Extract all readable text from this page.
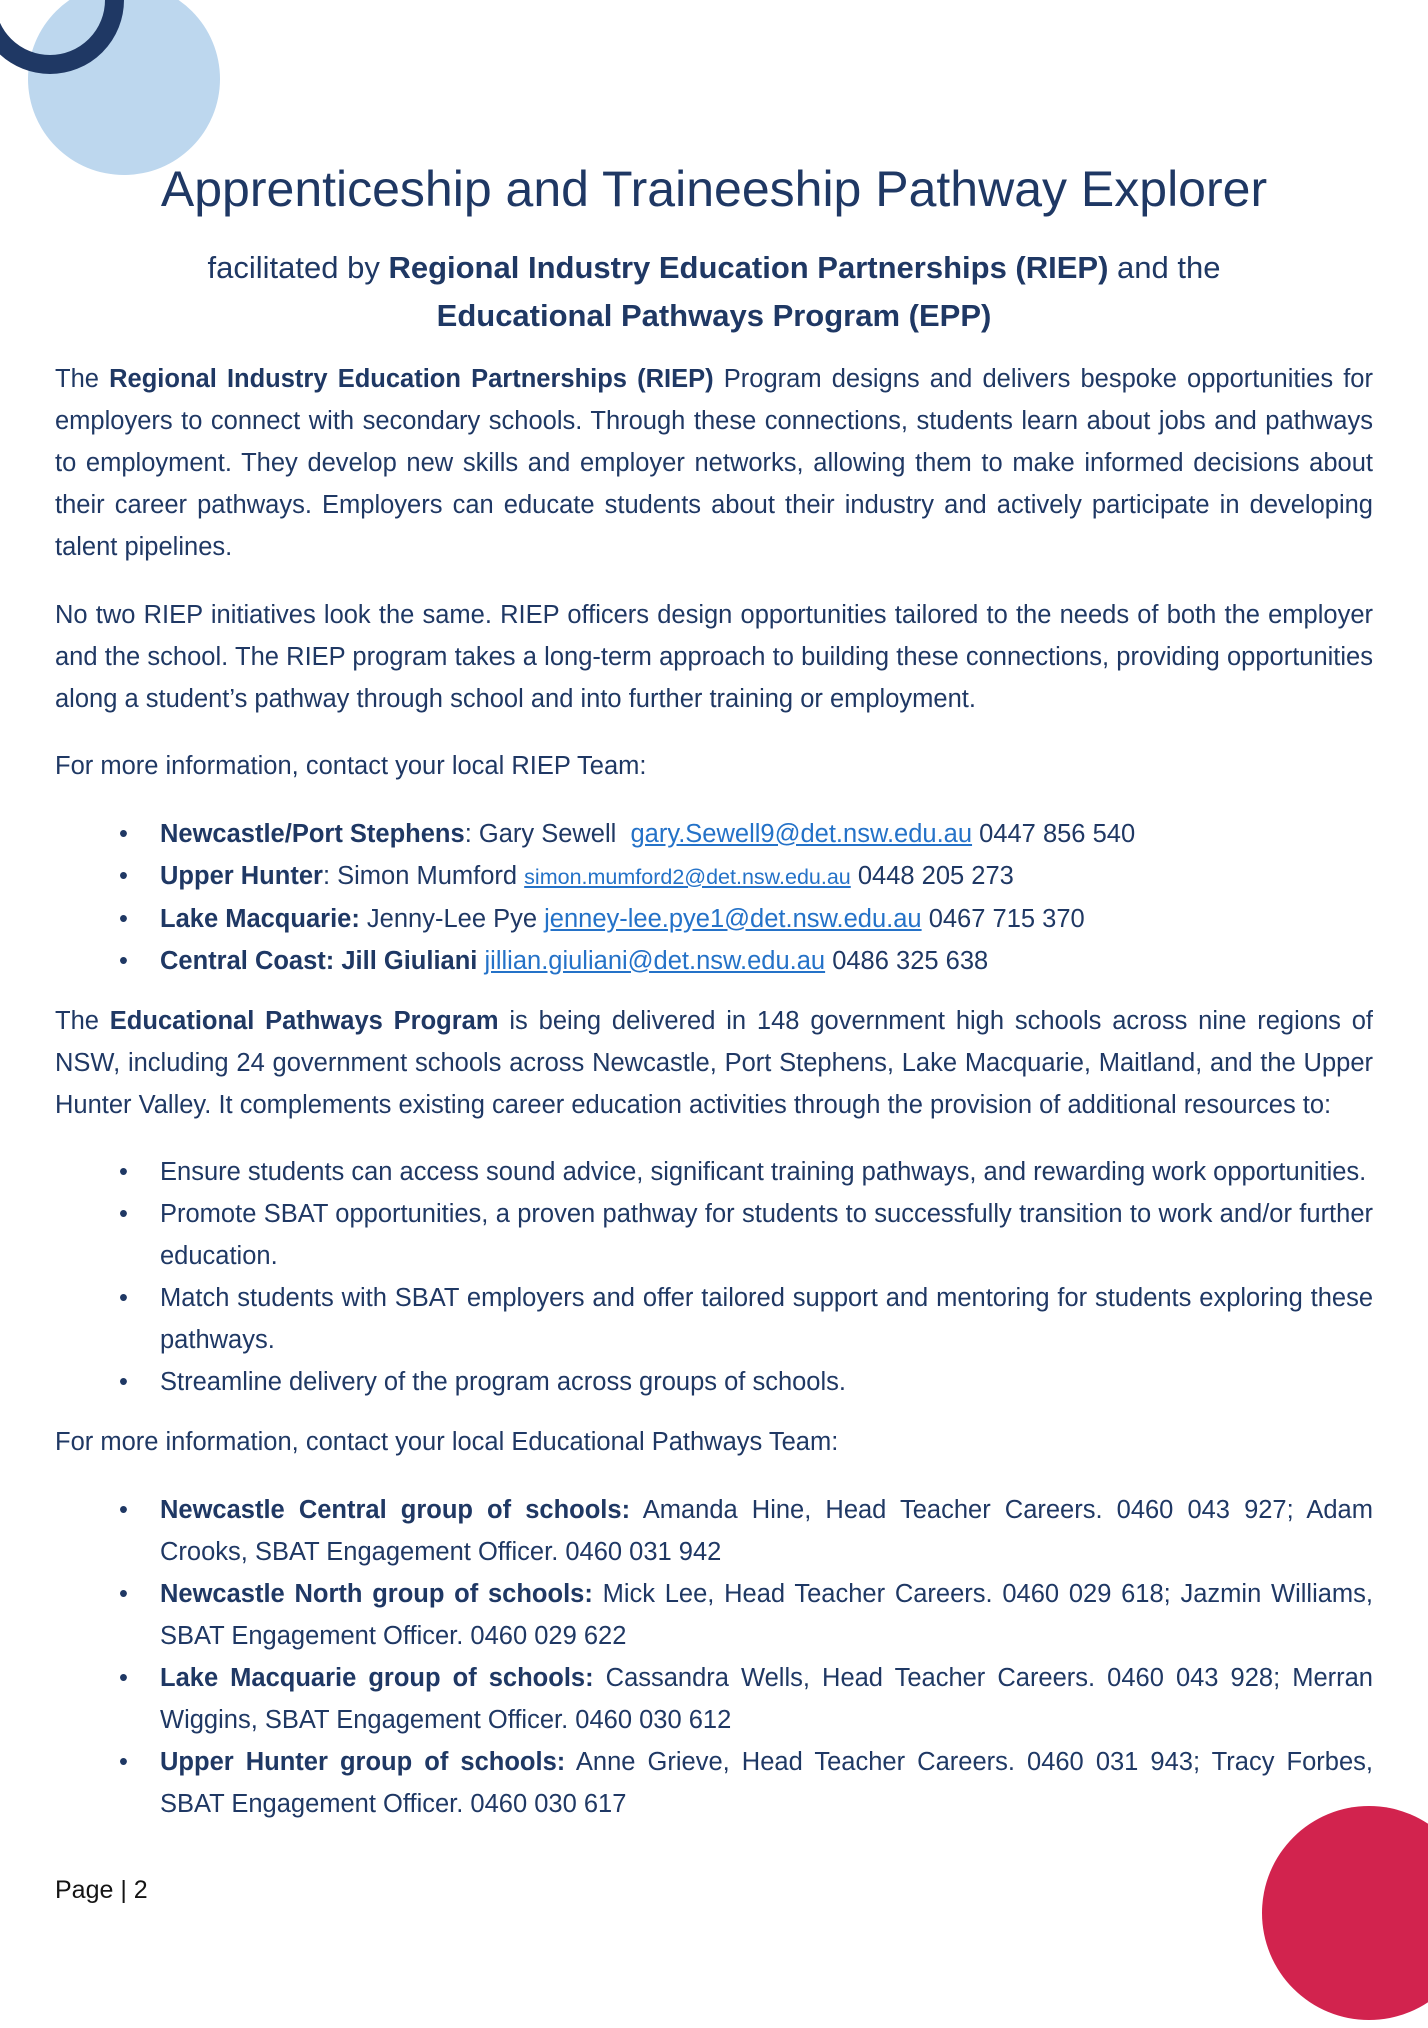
Apprenticeship and Traineeship Pathway Explorer
facilitated by Regional Industry Education Partnerships (RIEP) and the
Educational Pathways Program (EPP)

The Regional Industry Education Partnerships (RIEP) Program designs and delivers bespoke opportunities for employers to connect with secondary schools. Through these connections, students learn about jobs and pathways to employment. They develop new skills and employer networks, allowing them to make informed decisions about their career pathways. Employers can educate students about their industry and actively participate in developing talent pipelines.

No two RIEP initiatives look the same. RIEP officers design opportunities tailored to the needs of both the employer and the school. The RIEP program takes a long-term approach to building these connections, providing opportunities along a student’s pathway through school and into further training or employment.

For more information, contact your local RIEP Team:

• Newcastle/Port Stephens: Gary Sewell  gary.Sewell9@det.nsw.edu.au 0447 856 540
• Upper Hunter: Simon Mumford simon.mumford2@det.nsw.edu.au 0448 205 273
• Lake Macquarie: Jenny-Lee Pye jenney-lee.pye1@det.nsw.edu.au 0467 715 370
• Central Coast: Jill Giuliani jillian.giuliani@det.nsw.edu.au 0486 325 638

The Educational Pathways Program is being delivered in 148 government high schools across nine regions of NSW, including 24 government schools across Newcastle, Port Stephens, Lake Macquarie, Maitland, and the Upper Hunter Valley. It complements existing career education activities through the provision of additional resources to:

• Ensure students can access sound advice, significant training pathways, and rewarding work opportunities.
• Promote SBAT opportunities, a proven pathway for students to successfully transition to work and/or further education.
• Match students with SBAT employers and offer tailored support and mentoring for students exploring these pathways.
• Streamline delivery of the program across groups of schools.

For more information, contact your local Educational Pathways Team:

• Newcastle Central group of schools: Amanda Hine, Head Teacher Careers. 0460 043 927; Adam Crooks, SBAT Engagement Officer. 0460 031 942
• Newcastle North group of schools: Mick Lee, Head Teacher Careers. 0460 029 618; Jazmin Williams, SBAT Engagement Officer. 0460 029 622
• Lake Macquarie group of schools: Cassandra Wells, Head Teacher Careers. 0460 043 928; Merran Wiggins, SBAT Engagement Officer. 0460 030 612
• Upper Hunter group of schools: Anne Grieve, Head Teacher Careers. 0460 031 943; Tracy Forbes, SBAT Engagement Officer. 0460 030 617
Page | 2
